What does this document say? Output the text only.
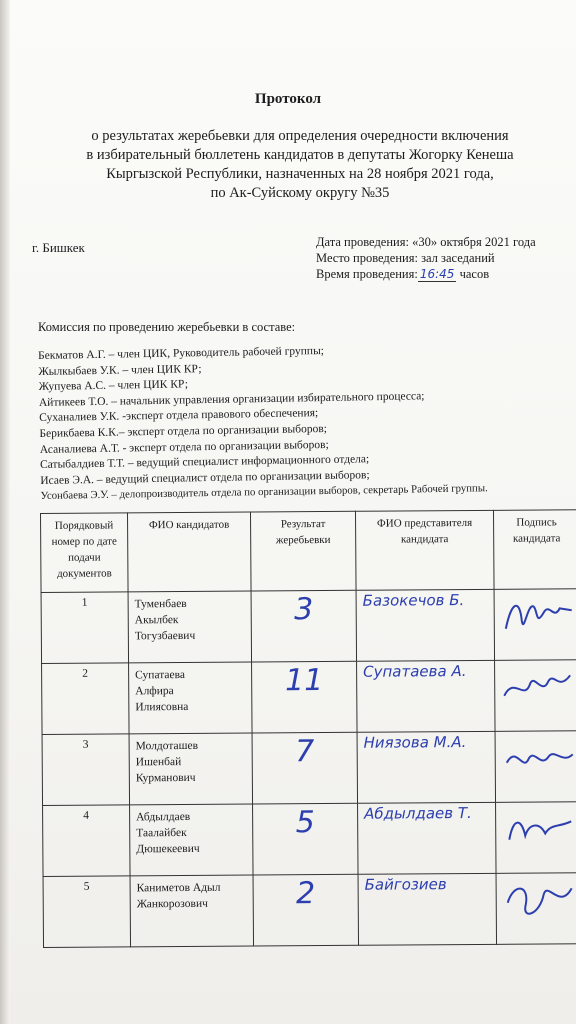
Протокол
о результатах жеребьевки для определения очередности включения
в избирательный бюллетень кандидатов в депутаты Жогорку Кенеша
Кыргызской Республики, назначенных на 28 ноября 2021 года,
по Ак-Суйскому округу №35
г. Бишкек	Дата проведения: «30» октября 2021 года
Место проведения: зал заседаний
Время проведения: 16:45 часов
Комиссия по проведению жеребьевки в составе:
Бекматов А.Г. – член ЦИК, Руководитель рабочей группы;
Жылкыбаев У.К. – член ЦИК КР;
Жупуева А.С. – член ЦИК КР;
Айтикеев Т.О. – начальник управления организации избирательного процесса;
Суханалиев У.К. -эксперт отдела правового обеспечения;
Берикбаева К.К.– эксперт отдела по организации выборов;
Асаналиева А.Т. - эксперт отдела по организации выборов;
Сатыбалдиев Т.Т. – ведущий специалист информационного отдела;
Исаев Э.А. – ведущий специалист отдела по организации выборов;
Усонбаева Э.У. – делопроизводитель отдела по организации выборов, секретарь Рабочей группы.
Порядковый номер по дате подачи документов	ФИО кандидатов	Результат жеребьевки	ФИО представителя кандидата	Подпись кандидата
1	Туменбаев
Акылбек
Тогузбаевич	3	Базокечов Б.	
2	Супатаева
Алфира
Илиясовна	11	Супатаева А.	
3	Молдоташев
Ишенбай
Курманович	7	Ниязова М.А.	
4	Абдылдаев
Таалайбек
Дюшекеевич	5	Абдылдаев Т.	
5	Каниметов Адыл
Жанкорозович	2	Байгозиев	
